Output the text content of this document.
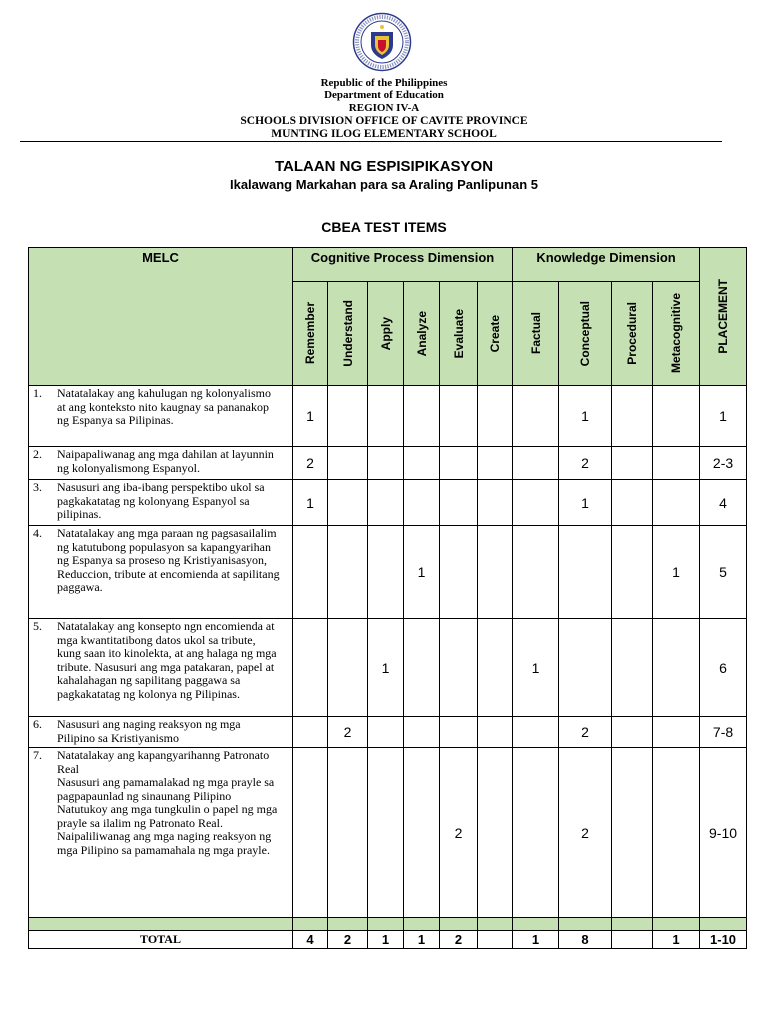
Republic of the Philippines
Department of Education
REGION IV-A
SCHOOLS DIVISION OFFICE OF CAVITE PROVINCE
MUNTING ILOG ELEMENTARY SCHOOL
TALAAN NG ESPISIPIKASYON
Ikalawang Markahan para sa Araling Panlipunan 5
CBEA TEST ITEMS
MELC	Cognitive Process Dimension						Knowledge Dimension				PLACEMENT

	Remember	Understand	Apply	Analyze	Evaluate	Create	Factual	Conceptual	Procedural	Metacognitive	

1. Natatalakay ang kahulugan ng kolonyalismo at ang konteksto nito kaugnay sa pananakop ng Espanya sa Pilipinas.	1							1			1
2. Naipapaliwanag ang mga dahilan at layunnin ng kolonyalismong Espanyol.	2							2			2-3
3. Nasusuri ang iba-ibang perspektibo ukol sa pagkakatatag ng kolonyang Espanyol sa pilipinas.	1							1			4
4. Natatalakay ang mga paraan ng pagsasailalim ng katutubong populasyon sa kapangyarihan ng Espanya sa proseso ng Kristiyanisasyon, Reduccion, tribute at encomienda at sapilitang paggawa.				1						1	5
5. Natatalakay ang konsepto ngn encomienda at mga kwantitatibong datos ukol sa tribute, kung saan ito kinolekta, at ang halaga ng mga tribute. Nasusuri ang mga patakaran, papel at kahalahagan ng sapilitang paggawa sa pagkakatatag ng kolonya ng Pilipinas.			1				1				6
6. Nasusuri ang naging reaksyon ng mga Pilipino sa Kristiyanismo		2						2			7-8
7. Natatalakay ang kapangyarihanng Patronato Real
Nasusuri ang pamamalakad ng mga prayle sa pagpapaunlad ng sinaunang Pilipino
Natutukoy ang mga tungkulin o papel ng mga prayle sa ilalim ng Patronato Real.
Naipaliliwanag ang mga naging reaksyon ng mga Pilipino sa pamamahala ng mga prayle.					2			2			9-10

TOTAL	4	2	1	1	2		1	8		1	1-10
